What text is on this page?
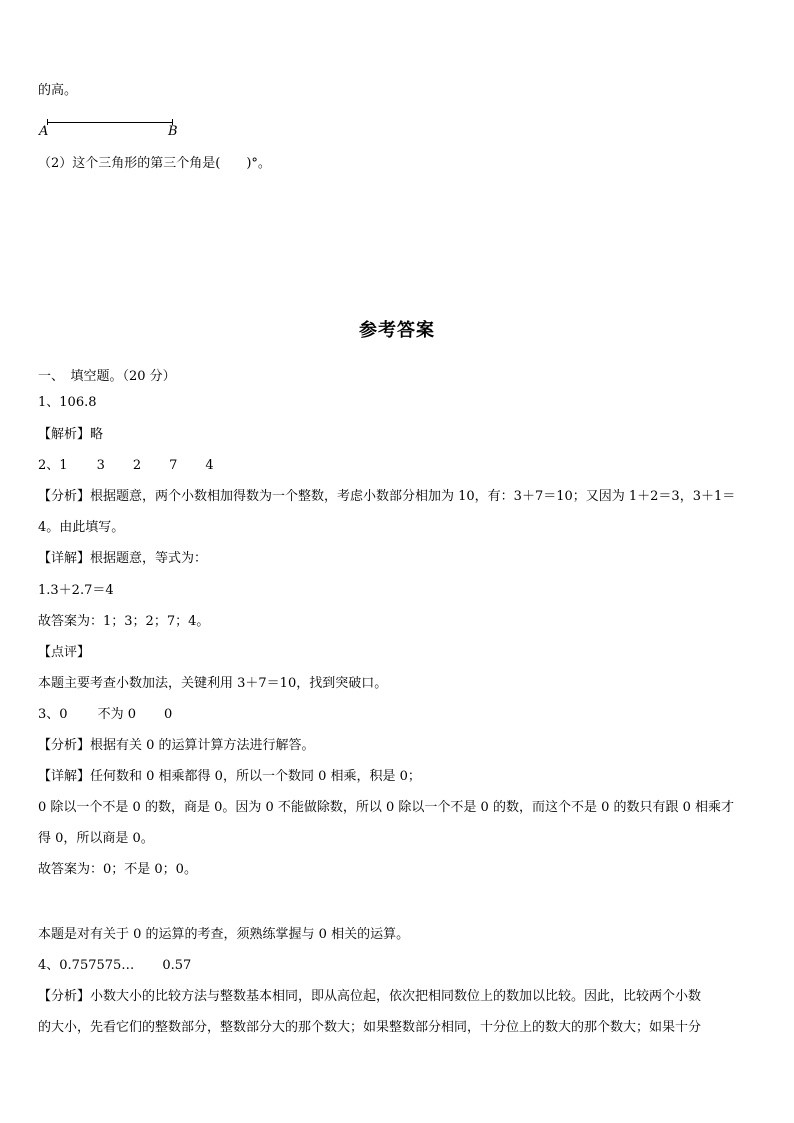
的高。

A	B

（2）这个三角形的第三个角是(　　)°。

参考答案

一、　填空题。（20 分）

1、106.8

【解析】略

2、1 3 2 7 4

【分析】根据题意，两个小数相加得数为一个整数，考虑小数部分相加为 10，有：3＋7＝10；又因为 1＋2＝3，3＋1＝

4。由此填写。

【详解】根据题意，等式为：

1.3＋2.7＝4

故答案为：1；3；2；7；4。

【点评】

本题主要考查小数加法，关键利用 3＋7＝10，找到突破口。

3、0 不为 0 0

【分析】根据有关 0 的运算计算方法进行解答。

【详解】任何数和 0 相乘都得 0，所以一个数同 0 相乘，积是 0；

0 除以一个不是 0 的数，商是 0。因为 0 不能做除数，所以 0 除以一个不是 0 的数，而这个不是 0 的数只有跟 0 相乘才

得 0，所以商是 0。

故答案为：0；不是 0；0。

本题是对有关于 0 的运算的考查，须熟练掌握与 0 相关的运算。

4、0.757575… 0.57

【分析】小数大小的比较方法与整数基本相同，即从高位起，依次把相同数位上的数加以比较。因此，比较两个小数

的大小，先看它们的整数部分，整数部分大的那个数大；如果整数部分相同，十分位上的数大的那个数大；如果十分
